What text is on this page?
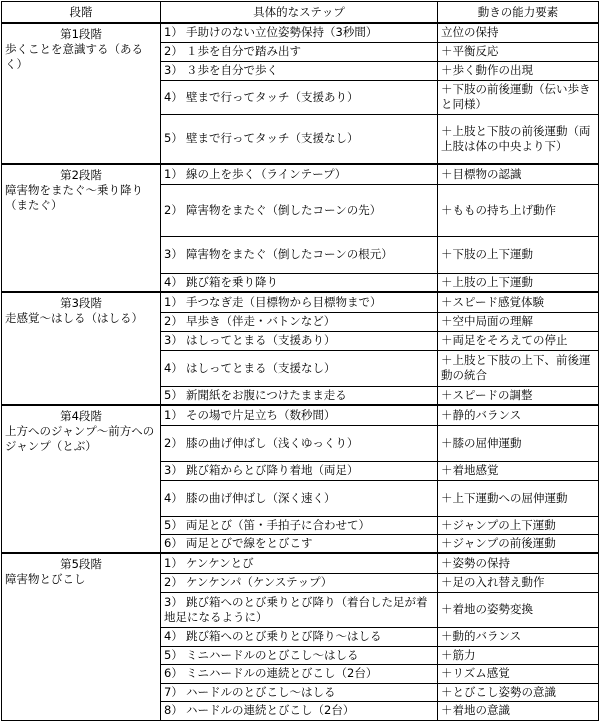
段階	具体的なステップ	動きの能力要素

第1段階
歩くことを意識する（あるく）	1） 手助けのない立位姿勢保持（3秒間）	立位の保持
	2） １歩を自分で踏み出す	＋平衡反応
	3） ３歩を自分で歩く	＋歩く動作の出現
	4） 壁まで行ってタッチ（支援あり）	＋下肢の前後運動（伝い歩きと同様）
	5） 壁まで行ってタッチ（支援なし）	＋上肢と下肢の前後運動（両上肢は体の中央より下）

第2段階
障害物をまたぐ～乗り降り（またぐ）	1） 線の上を歩く（ラインテープ）	＋目標物の認識
	2） 障害物をまたぐ（倒したコーンの先）	＋ももの持ち上げ動作
	3） 障害物をまたぐ（倒したコーンの根元）	＋下肢の上下運動
	4） 跳び箱を乗り降り	＋上肢の上下運動

第3段階
走感覚～はしる（はしる）	1） 手つなぎ走（目標物から目標物まで）	＋スピード感覚体験
	2） 早歩き（伴走・バトンなど）	＋空中局面の理解
	3） はしってとまる（支援あり）	＋両足をそろえての停止
	4） はしってとまる（支援なし）	＋上肢と下肢の上下、前後運動の統合
	5） 新聞紙をお腹につけたまま走る	＋スピードの調整

第4段階
上方へのジャンプ～前方へのジャンプ（とぶ）	1） その場で片足立ち（数秒間）	＋静的バランス
	2） 膝の曲げ伸ばし（浅くゆっくり）	＋膝の屈伸運動
	3） 跳び箱からとび降り着地（両足）	＋着地感覚
	4） 膝の曲げ伸ばし（深く速く）	＋上下運動への屈伸運動
	5） 両足とび（笛・手拍子に合わせて）	＋ジャンプの上下運動
	6） 両足とびで線をとびこす	＋ジャンプの前後運動

第5段階
障害物とびこし	1） ケンケンとび	＋姿勢の保持
	2） ケンケンパ（ケンステップ）	＋足の入れ替え動作
	3） 跳び箱へのとび乗りとび降り（着台した足が着地足になるように）	＋着地の姿勢変換
	4） 跳び箱へのとび乗りとび降り～はしる	＋動的バランス
	5） ミニハードルのとびこし～はしる	＋筋力
	6） ミニハードルの連続とびこし（2台）	＋リズム感覚
	7） ハードルのとびこし～はしる	＋とびこし姿勢の意識
	8） ハードルの連続とびこし（2台）	＋着地の意識
